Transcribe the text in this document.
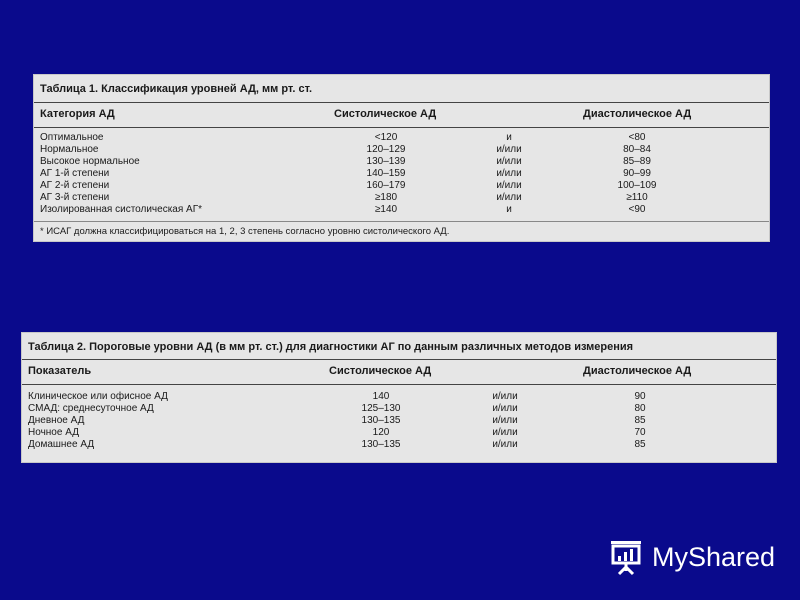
Таблица 1. Классификация уровней АД, мм рт. ст.
Категория АД	Систолическое АД	Диастолическое АД
Оптимальное	<120	и	<80
Нормальное	120–129	и/или	80–84
Высокое нормальное	130–139	и/или	85–89
АГ 1-й степени	140–159	и/или	90–99
АГ 2-й степени	160–179	и/или	100–109
АГ 3-й степени	≥180	и/или	≥110
Изолированная систолическая АГ*	≥140	и	<90
* ИСАГ должна классифицироваться на 1, 2, 3 степень согласно уровню систолического АД.
Таблица 2. Пороговые уровни АД (в мм рт. ст.) для диагностики АГ по данным различных методов измерения
Показатель	Систолическое АД	Диастолическое АД
Клиническое или офисное АД	140	и/или	90
СМАД: среднесуточное АД	125–130	и/или	80
Дневное АД	130–135	и/или	85
Ночное АД	120	и/или	70
Домашнее АД	130–135	и/или	85
MyShared
